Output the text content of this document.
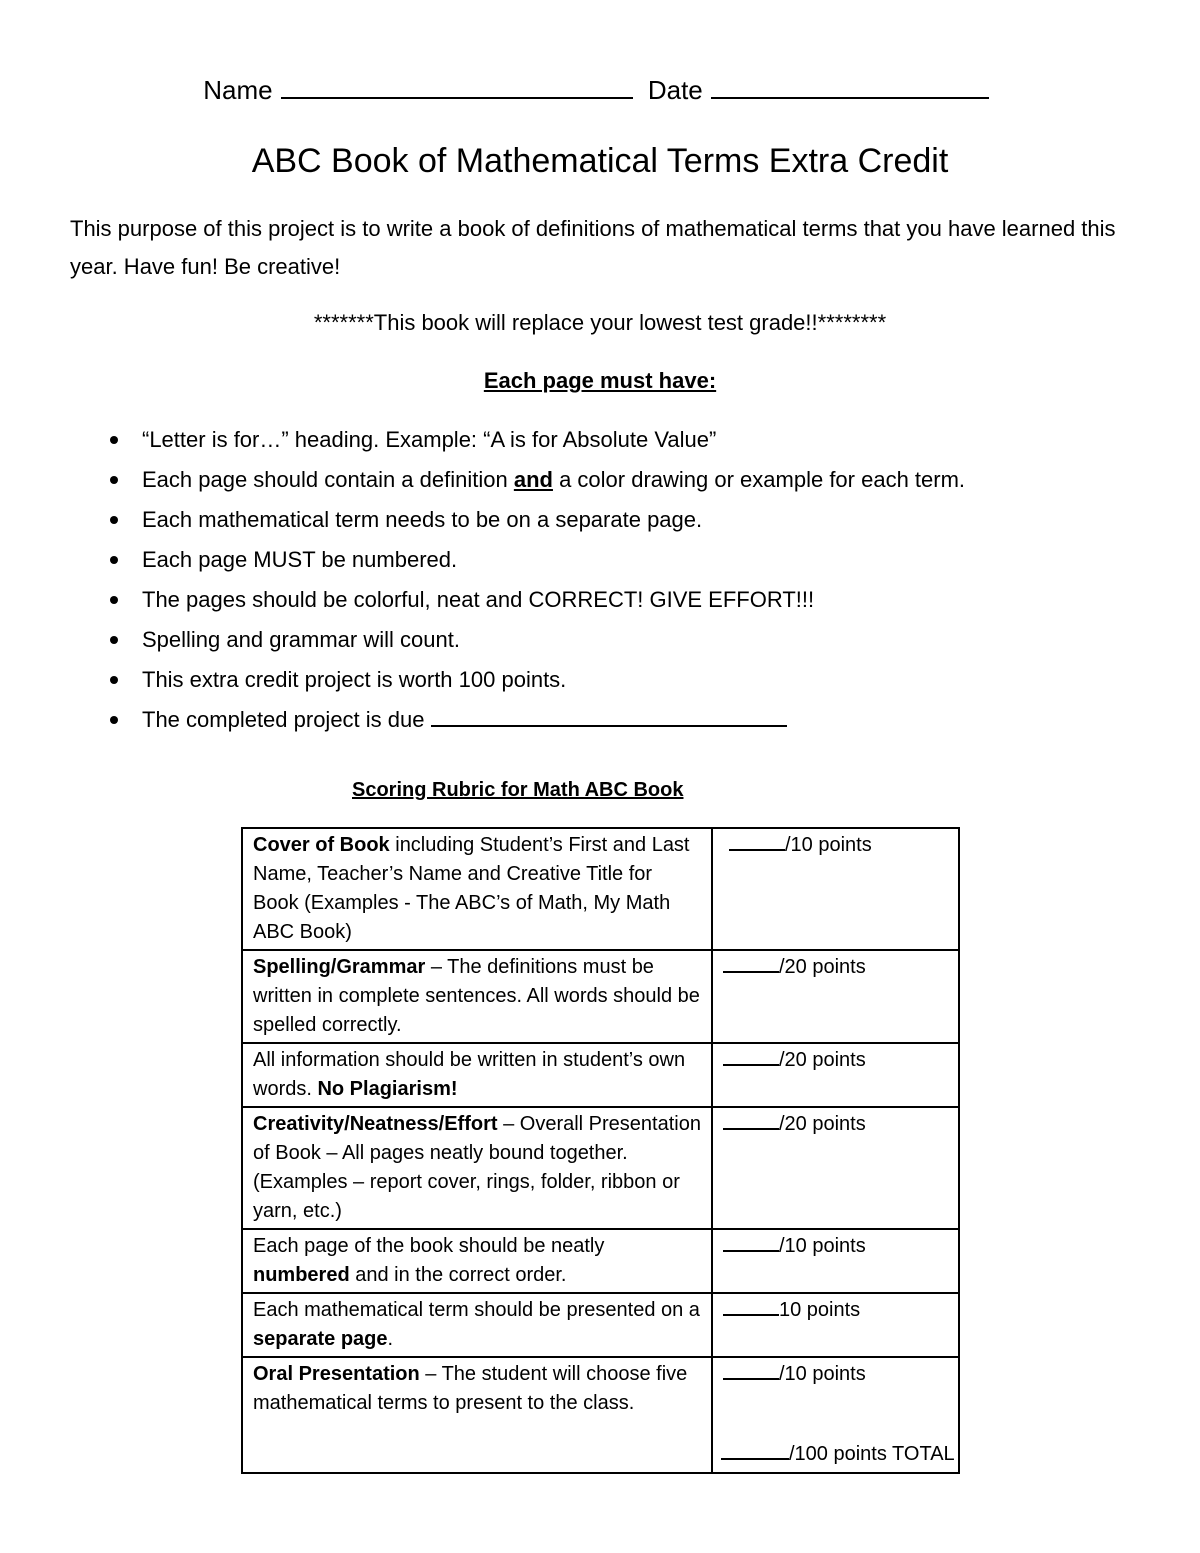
Name	Date
ABC Book of Mathematical Terms Extra Credit
This purpose of this project is to write a book of definitions of mathematical terms that you have learned this year. Have fun! Be creative!
*******This book will replace your lowest test grade!!********
Each page must have:
“Letter is for…” heading. Example: “A is for Absolute Value”
Each page should contain a definition and a color drawing or example for each term.
Each mathematical term needs to be on a separate page.
Each page MUST be numbered.
The pages should be colorful, neat and CORRECT! GIVE EFFORT!!!
Spelling and grammar will count.
This extra credit project is worth 100 points.
The completed project is due
Scoring Rubric for Math ABC Book
Cover of Book including Student’s First and Last Name, Teacher’s Name and Creative Title for Book (Examples - The ABC’s of Math, My Math ABC Book)	/10 points
Spelling/Grammar – The definitions must be written in complete sentences. All words should be spelled correctly.	/20 points
All information should be written in student’s own words. No Plagiarism!	/20 points
Creativity/Neatness/Effort – Overall Presentation of Book – All pages neatly bound together. (Examples – report cover, rings, folder, ribbon or yarn, etc.)	/20 points
Each page of the book should be neatly numbered and in the correct order.	/10 points
Each mathematical term should be presented on a separate page.	10 points
Oral Presentation – The student will choose five mathematical terms to present to the class.	/10 points
/100 points TOTAL
